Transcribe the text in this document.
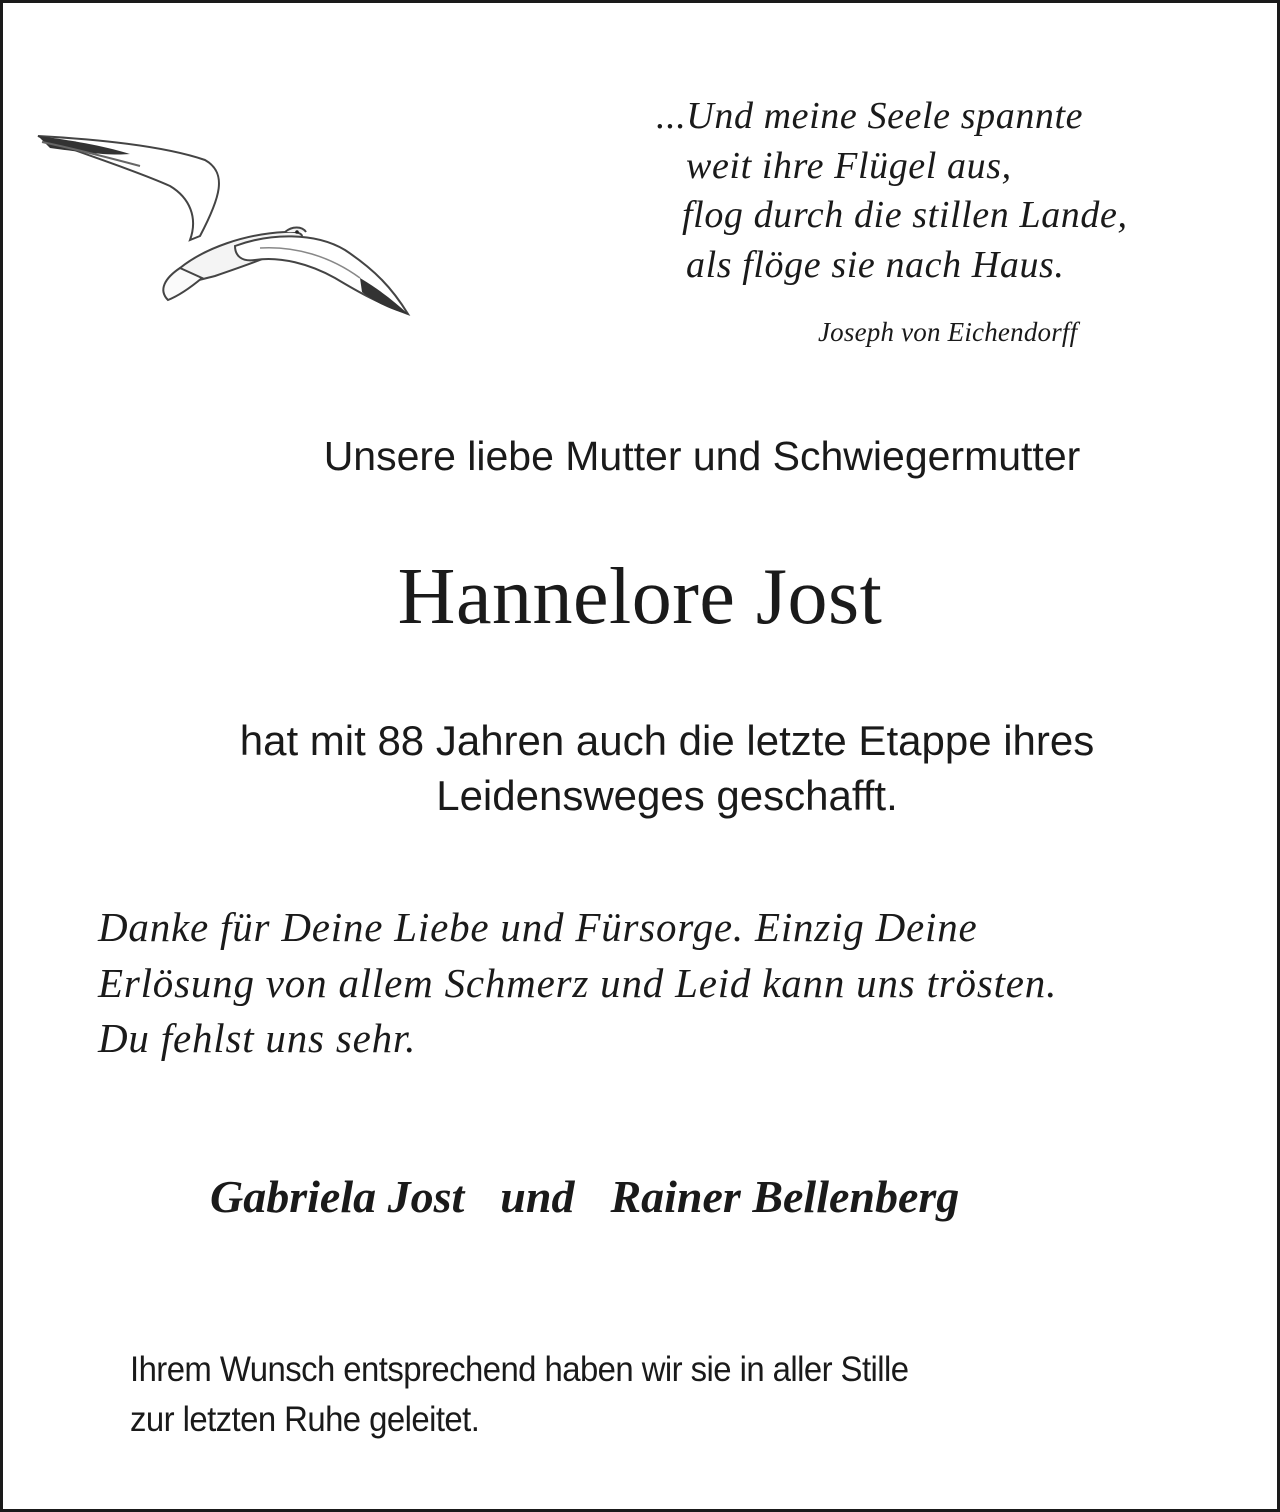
...Und meine Seele spannte
weit ihre Flügel aus,
flog durch die stillen Lande,
als flöge sie nach Haus.
Joseph von Eichendorff
Unsere liebe Mutter und Schwiegermutter
Hannelore Jost
hat mit 88 Jahren auch die letzte Etappe ihres
Leidensweges geschafft.
Danke für Deine Liebe und Fürsorge. Einzig Deine
Erlösung von allem Schmerz und Leid kann uns trösten.
Du fehlst uns sehr.
Gabriela Jost und Rainer Bellenberg
Ihrem Wunsch entsprechend haben wir sie in aller Stille
zur letzten Ruhe geleitet.
